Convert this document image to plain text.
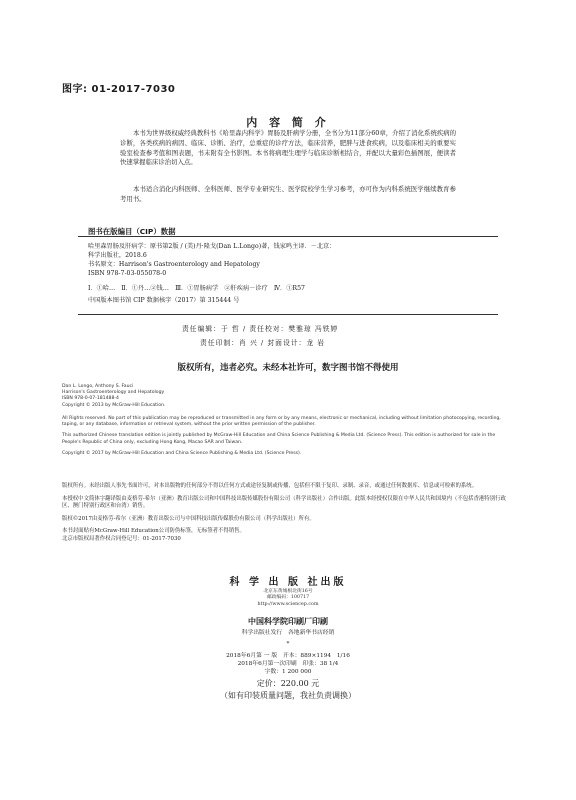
图字: 01-2017-7030
内 容 简 介
本书为世界级权威经典教科书《哈里森内科学》胃肠及肝病学分册，全书分为11部分60章，介绍了消化系统疾病的诊断，各类疾病的病因、临床、诊断、治疗，总重症的诊疗方法，临床营养，肥胖与进食疾病，以及临床相关的重要实验室检查参考值和图表题，书末附有全书影图。本书将病理生理学与临床诊断相结合，并配以大量彩色插图展，便读者快速掌握临床诊治切入点。
本书适合消化内科医师、全科医师、医学专业研究生、医学院校学生学习参考，亦可作为内科系统医学继续教育参考用书。
图书在版编目（CIP）数据
哈里森胃肠及肝病学：原书第2版 / (美)丹·隆戈(Dan L.Longo)著，钱家鸣主译．－北京：
科学出版社，2018.6
书名原文：Harrison's Gastroenterology and Hepatology
ISBN 978-7-03-055078-0
Ⅰ．①哈…　Ⅱ．①丹…②钱…　Ⅲ．①胃肠病学　②肝疾病－诊疗　Ⅳ．①R57
中国版本图书馆 CIP 数据核字（2017）第 315444 号
责任编辑：于 哲 / 责任校对：樊雅琼 冯铁婷
责任印制：肖 兴 / 封面设计：龙 岩
版权所有，违者必究。未经本社许可，数字图书馆不得使用
Dan L. Longo, Anthony S. Fauci
Harrison's Gastroenterology and Hepatology
ISBN 978-0-07-181488-4
Copyright © 2013 by McGraw-Hill Education.
All Rights reserved. No part of this publication may be reproduced or transmitted in any form or by any means, electronic or mechanical, including without limitation photocopying, recording, taping, or any database, information or retrieval system, without the prior written permission of the publisher.
This authorized Chinese translation edition is jointly published by McGraw-Hill Education and China Science Publishing & Media Ltd. (Science Press). This edition is authorized for sale in the People's Republic of China only, excluding Hong Kong, Macao SAR and Taiwan.
Copyright © 2017 by McGraw-Hill Education and China Science Publishing & Media Ltd. (Science Press).
版权所有。未经出版人事先书面许可，对本出版物的任何部分不得以任何方式或途径复制或传播，包括但不限于复印、录制、录音，或通过任何数据库、信息或可检索的系统。
本授权中文简体字翻译版由麦格劳-希尔（亚洲）教育出版公司和中国科技出版传媒股份有限公司（科学出版社）合作出版。此版本经授权仅限在中华人民共和国境内（不包括香港特别行政区、澳门特别行政区和台湾）销售。
版权©2017由麦格劳-希尔（亚洲）教育出版公司与中国科技出版传媒股份有限公司（科学出版社）所有。
本书封面贴有McGraw-Hill Education公司防伪标签，无标签者不得销售。
北京市版权局著作权合同登记号：01-2017-7030
科 学 出 版 社出版
北京东黄城根北街16号
邮政编码：100717
http://www.sciencep.com
中国科学院印刷厂印刷
科学出版社发行　各地新华书店经销
*
2018年6月第 一 版　开本：889×1194　1/16
2018年6月第一次印刷　印张：38 1/4
字数：1 200 000
定价：220.00 元
（如有印装质量问题，我社负责调换）
